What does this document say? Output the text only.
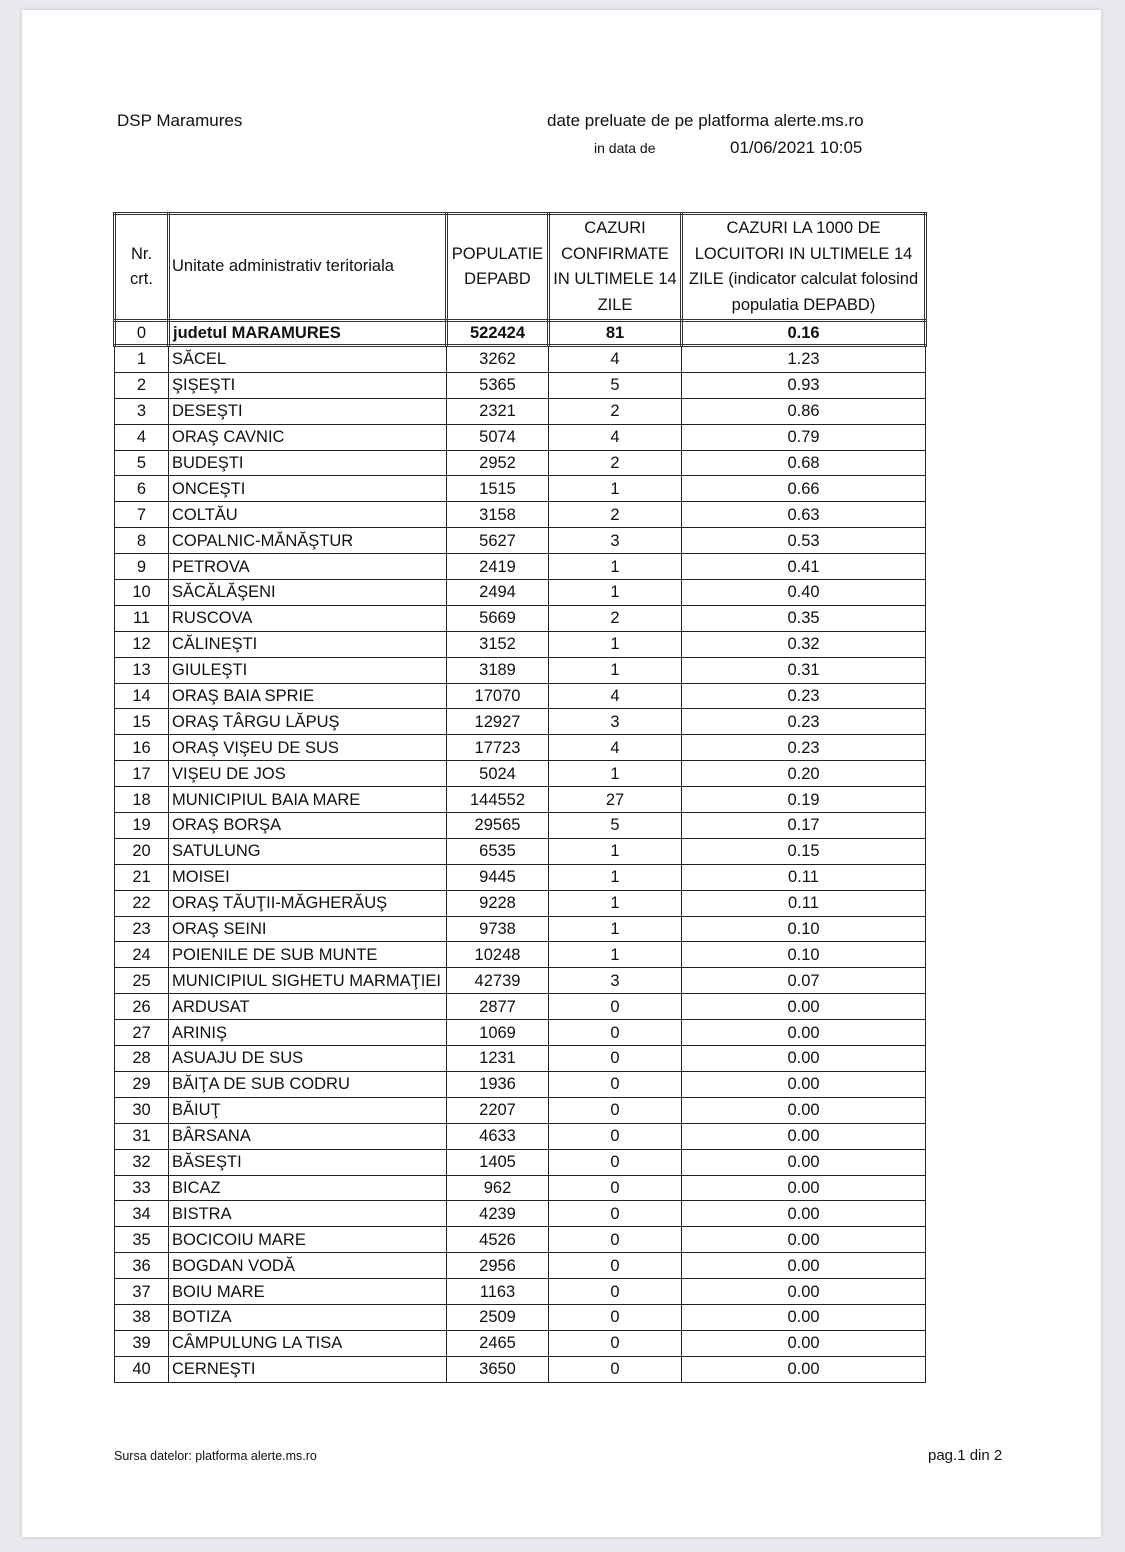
DSP Maramures	date preluate de pe platforma alerte.ms.ro
in data de	01/06/2021 10:05
Nr. crt.	Unitate administrativ teritoriala	POPULATIE DEPABD	CAZURI CONFIRMATE IN ULTIMELE 14 ZILE	CAZURI LA 1000 DE LOCUITORI IN ULTIMELE 14 ZILE (indicator calculat folosind populatia DEPABD)
0	judetul MARAMURES	522424	81	0.16
1	SĂCEL	3262	4	1.23
2	ŞIŞEŞTI	5365	5	0.93
3	DESEŞTI	2321	2	0.86
4	ORAŞ CAVNIC	5074	4	0.79
5	BUDEŞTI	2952	2	0.68
6	ONCEŞTI	1515	1	0.66
7	COLTĂU	3158	2	0.63
8	COPALNIC-MĂNĂŞTUR	5627	3	0.53
9	PETROVA	2419	1	0.41
10	SĂCĂLĂŞENI	2494	1	0.40
11	RUSCOVA	5669	2	0.35
12	CĂLINEŞTI	3152	1	0.32
13	GIULEŞTI	3189	1	0.31
14	ORAŞ BAIA SPRIE	17070	4	0.23
15	ORAŞ TÂRGU LĂPUŞ	12927	3	0.23
16	ORAŞ VIŞEU DE SUS	17723	4	0.23
17	VIŞEU DE JOS	5024	1	0.20
18	MUNICIPIUL BAIA MARE	144552	27	0.19
19	ORAŞ BORŞA	29565	5	0.17
20	SATULUNG	6535	1	0.15
21	MOISEI	9445	1	0.11
22	ORAŞ TĂUŢII-MĂGHERĂUŞ	9228	1	0.11
23	ORAŞ SEINI	9738	1	0.10
24	POIENILE DE SUB MUNTE	10248	1	0.10
25	MUNICIPIUL SIGHETU MARMAŢIEI	42739	3	0.07
26	ARDUSAT	2877	0	0.00
27	ARINIŞ	1069	0	0.00
28	ASUAJU DE SUS	1231	0	0.00
29	BĂIŢA DE SUB CODRU	1936	0	0.00
30	BĂIUŢ	2207	0	0.00
31	BÂRSANA	4633	0	0.00
32	BĂSEŞTI	1405	0	0.00
33	BICAZ	962	0	0.00
34	BISTRA	4239	0	0.00
35	BOCICOIU MARE	4526	0	0.00
36	BOGDAN VODĂ	2956	0	0.00
37	BOIU MARE	1163	0	0.00
38	BOTIZA	2509	0	0.00
39	CÂMPULUNG LA TISA	2465	0	0.00
40	CERNEŞTI	3650	0	0.00
Sursa datelor: platforma alerte.ms.ro	pag.1 din 2
